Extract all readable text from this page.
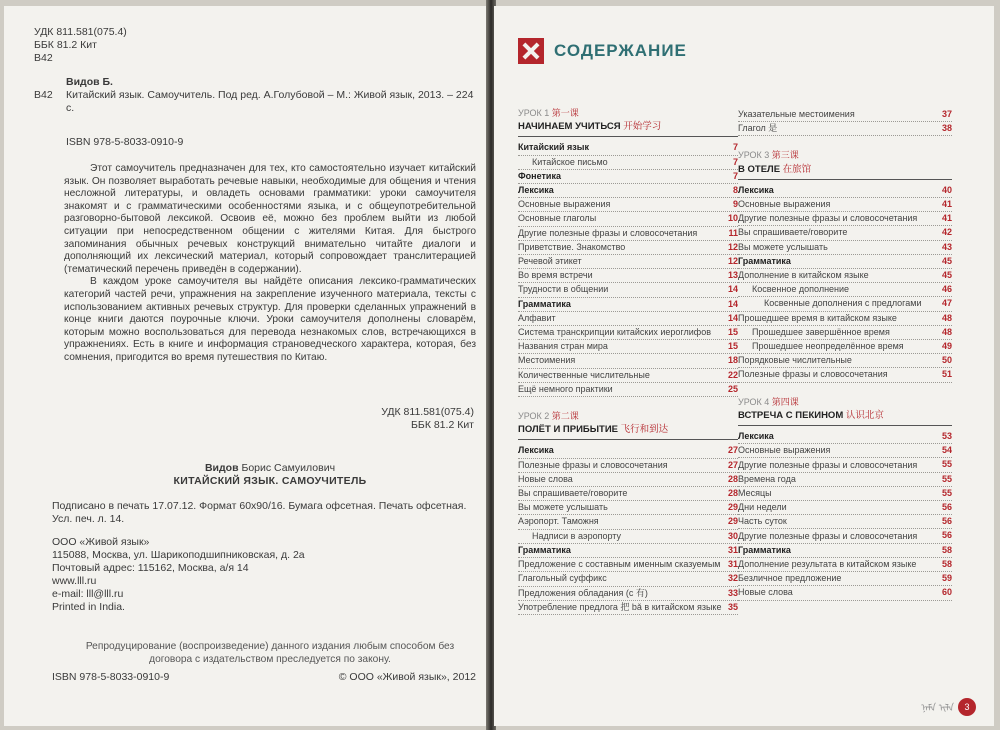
УДК 811.581(075.4)
ББК 81.2 Кит
В42
Видов Б.
В42 Китайский язык. Самоучитель. Под ред. А.Голубовой – М.: Живой язык, 2013. – 224 с.
ISBN 978-5-8033-0910-9

Этот самоучитель предназначен для тех, кто самостоятельно изучает китайский язык. Он позволяет выработать речевые навыки, необходимые для общения и чтения несложной литературы, и овладеть основами грамматики: уроки самоучителя знакомят и с грамматическими особенностями языка, и с общеупотребительной разговорно-бытовой лексикой. Освоив её, можно без проблем выйти из любой ситуации при непосредственном общении с жителями Китая. Для быстрого запоминания обычных речевых конструкций внимательно читайте диалоги и дополняющий их лексический материал, который сопровождает транслитерацией (тематический перечень приведён в содержании).

В каждом уроке самоучителя вы найдёте описания лексико-грамматических категорий частей речи, упражнения на закрепление изученного материала, тексты с использованием активных речевых структур. Для проверки сделанных упражнений в конце книги даются поурочные ключи. Уроки самоучителя дополнены словарём, которым можно воспользоваться для перевода незнакомых слов, встречающихся в упражнениях. Есть в книге и информация страноведческого характера, которая, без сомнения, пригодится во время путешествия по Китаю.

УДК 811.581(075.4)
ББК 81.2 Кит
Видов Борис Самуилович
КИТАЙСКИЙ ЯЗЫК. САМОУЧИТЕЛЬ
Подписано в печать 17.07.12. Формат 60х90/16. Бумага офсетная. Печать офсетная. Усл. печ. л. 14.
ООО «Живой язык»
115088, Москва, ул. Шарикоподшипниковская, д. 2а
Почтовый адрес: 115162, Москва, а/я 14
www.lll.ru
e-mail: lll@lll.ru
Printed in India.
Репродуцирование (воспроизведение) данного издания любым способом без договора с издательством преследуется по закону.
ISBN 978-5-8033-0910-9	© ООО «Живой язык», 2012
СОДЕРЖАНИЕ
УРОК 1 第一课
НАЧИНАЕМ УЧИТЬСЯ 开始学习
Китайский язык	7
Китайское письмо	7
Фонетика	7
Лексика	8
Основные выражения	9
Основные глаголы	10
Другие полезные фразы и словосочетания	11
Приветствие. Знакомство	12
Речевой этикет	12
Во время встречи	13
Трудности в общении	14
Грамматика	14
Алфавит	14
Система транскрипции китайских иероглифов	15
Названия стран мира	15
Местоимения	18
Количественные числительные	22
Ещё немного практики	25
УРОК 2 第二课
ПОЛЁТ И ПРИБЫТИЕ 飞行和到达
Лексика	27
Полезные фразы и словосочетания	27
Новые слова	28
Вы спрашиваете/говорите	28
Вы можете услышать	29
Аэропорт. Таможня	29
Надписи в аэропорту	30
Грамматика	31
Предложение с составным именным сказуемым 31
Глагольный суффикс	32
Предложения обладания (с 有)	33
Употребление предлога 把 bǎ в китайском языке 35
Указательные местоимения	37
Глагол 是	38
УРОК 3 第三课
В ОТЕЛЕ 在旅馆
Лексика	40
Основные выражения	41
Другие полезные фразы и словосочетания	41
Вы спрашиваете/говорите	42
Вы можете услышать	43
Грамматика	45
Дополнение в китайском языке	45
Косвенное дополнение	46
Косвенные дополнения с предлогами	47
Прошедшее время в китайском языке	48
Прошедшее завершённое время	48
Прошедшее неопределённое время	49
Порядковые числительные	50
Полезные фразы и словосочетания	51
УРОК 4 第四课
ВСТРЕЧА С ПЕКИНОМ 认识北京
Лексика	53
Основные выражения	54
Другие полезные фразы и словосочетания	55
Времена года	55
Месяцы	55
Дни недели	56
Часть суток	56
Другие полезные фразы и словосочетания	56
Грамматика	58
Дополнение результата в китайском языке	58
Безличное предложение	59
Новые слова	60
ᠨᠠᠮᠠ ᠢᠯᠡ	3
